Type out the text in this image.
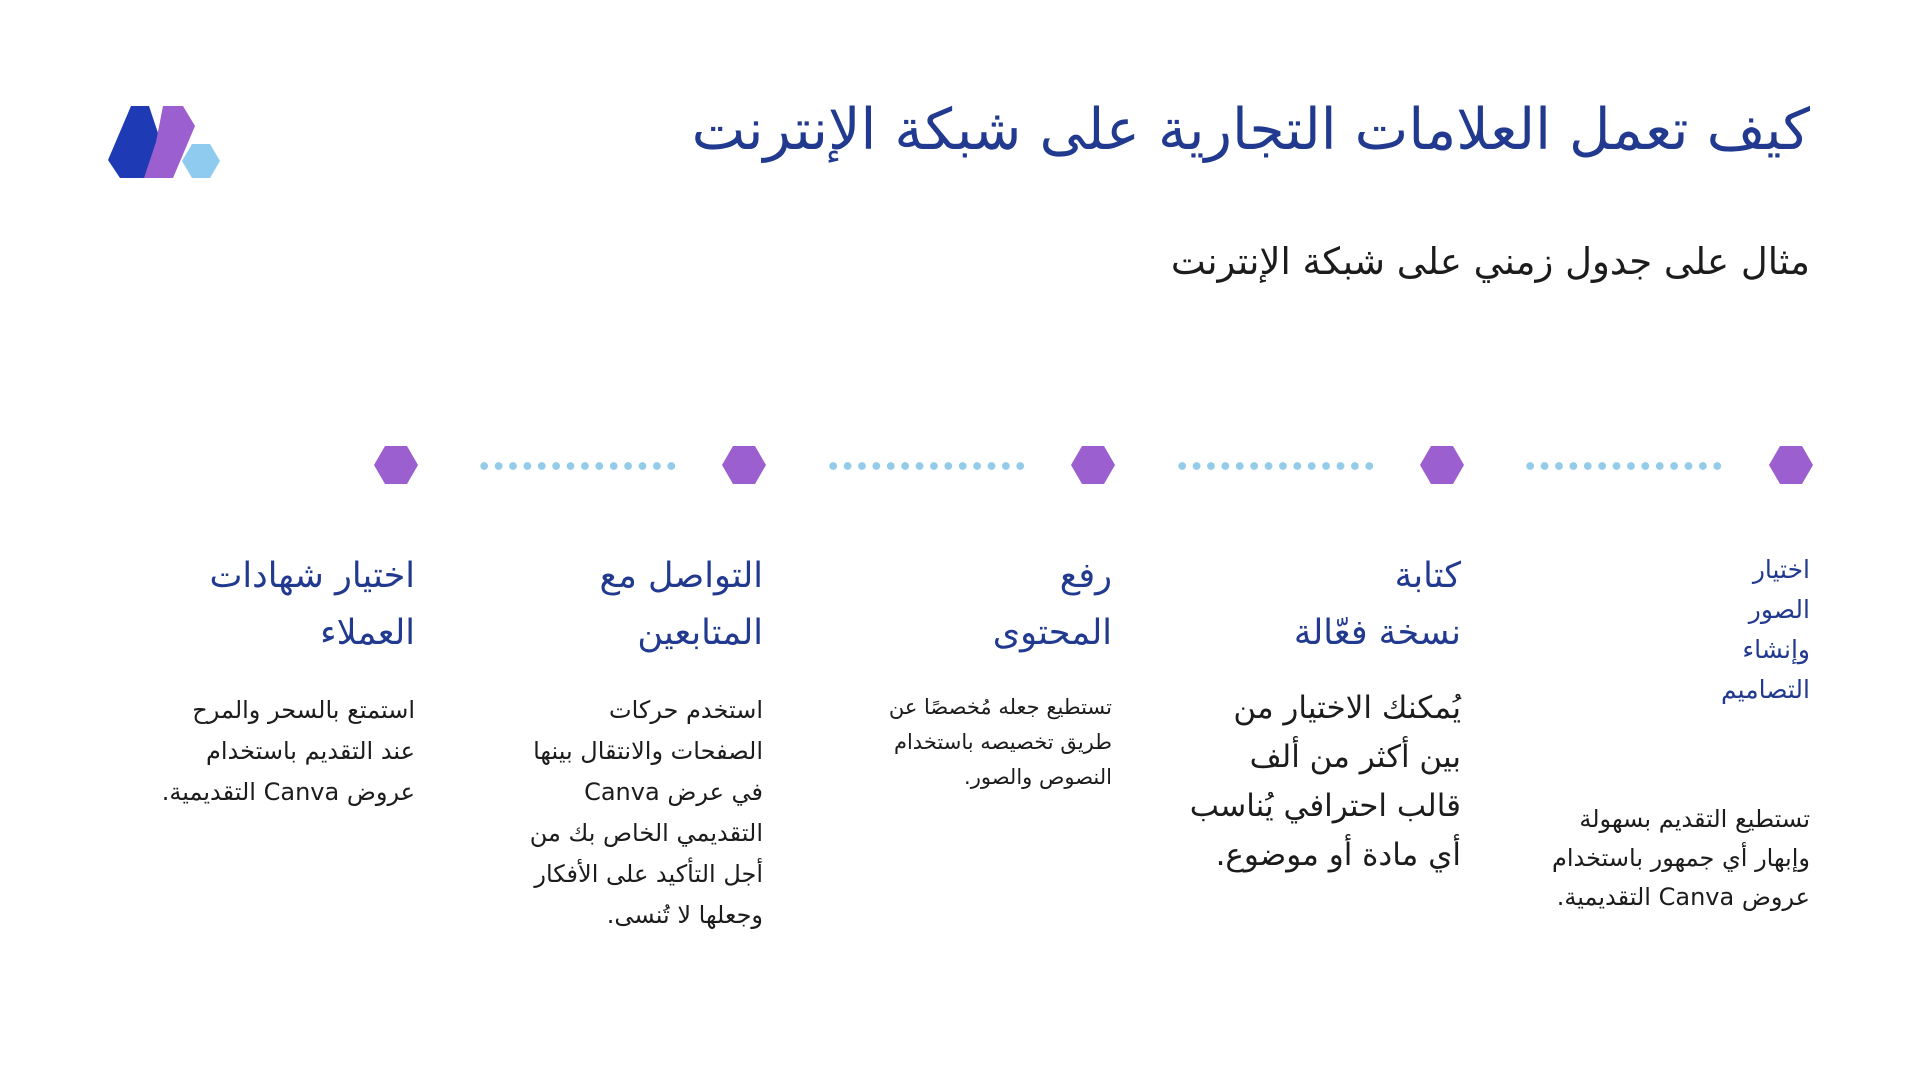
كيف تعمل العلامات التجارية على شبكة الإنترنت
مثال على جدول زمني على شبكة الإنترنت
اختيار
الصور
وإنشاء
التصاميم

تستطيع التقديم بسهولة
وإبهار أي جمهور باستخدام
عروض Canva التقديمية.

كتابة
نسخة فعّالة

يُمكنك الاختيار من
بين أكثر من ألف
قالب احترافي يُناسب
أي مادة أو موضوع.

رفع
المحتوى

تستطيع جعله مُخصصًا عن
طريق تخصيصه باستخدام
النصوص والصور.

التواصل مع
المتابعين

استخدم حركات
الصفحات والانتقال بينها
في عرض Canva
التقديمي الخاص بك من
أجل التأكيد على الأفكار
وجعلها لا تُنسى.

اختيار شهادات
العملاء

استمتع بالسحر والمرح
عند التقديم باستخدام
عروض Canva التقديمية.
